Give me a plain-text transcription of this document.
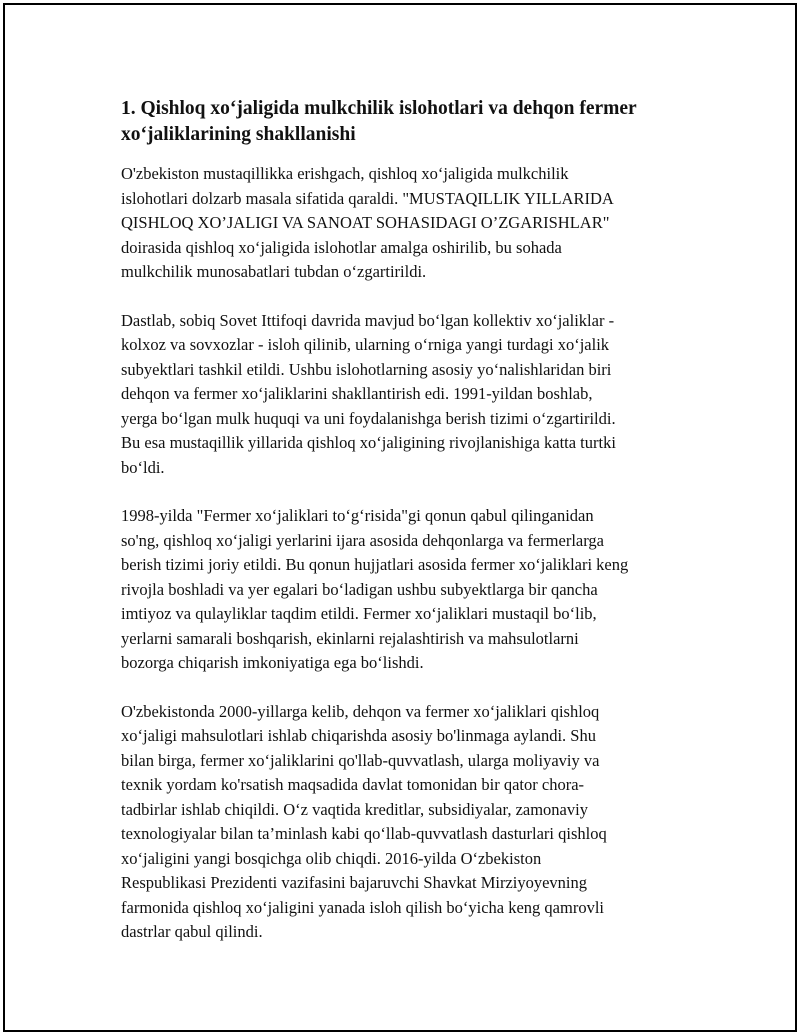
1. Qishloq xo‘jaligida mulkchilik islohotlari va dehqon fermer
xo‘jaliklarining shakllanishi
O'zbekiston mustaqillikka erishgach, qishloq xo‘jaligida mulkchilik
islohotlari dolzarb masala sifatida qaraldi. "MUSTAQILLIK YILLARIDA
QISHLOQ XO’JALIGI VA SANOAT SOHASIDAGI O’ZGARISHLAR"
doirasida qishloq xo‘jaligida islohotlar amalga oshirilib, bu sohada
mulkchilik munosabatlari tubdan o‘zgartirildi.
Dastlab, sobiq Sovet Ittifoqi davrida mavjud bo‘lgan kollektiv xo‘jaliklar -
kolxoz va sovxozlar - isloh qilinib, ularning o‘rniga yangi turdagi xo‘jalik
subyektlari tashkil etildi. Ushbu islohotlarning asosiy yo‘nalishlaridan biri
dehqon va fermer xo‘jaliklarini shakllantirish edi. 1991-yildan boshlab,
yerga bo‘lgan mulk huquqi va uni foydalanishga berish tizimi o‘zgartirildi.
Bu esa mustaqillik yillarida qishloq xo‘jaligining rivojlanishiga katta turtki
bo‘ldi.
1998-yilda "Fermer xo‘jaliklari to‘g‘risida"gi qonun qabul qilinganidan
so'ng, qishloq xo‘jaligi yerlarini ijara asosida dehqonlarga va fermerlarga
berish tizimi joriy etildi. Bu qonun hujjatlari asosida fermer xo‘jaliklari keng
rivojla boshladi va yer egalari bo‘ladigan ushbu subyektlarga bir qancha
imtiyoz va qulayliklar taqdim etildi. Fermer xo‘jaliklari mustaqil bo‘lib,
yerlarni samarali boshqarish, ekinlarni rejalashtirish va mahsulotlarni
bozorga chiqarish imkoniyatiga ega bo‘lishdi.
O'zbekistonda 2000-yillarga kelib, dehqon va fermer xo‘jaliklari qishloq
xo‘jaligi mahsulotlari ishlab chiqarishda asosiy bo'linmaga aylandi. Shu
bilan birga, fermer xo‘jaliklarini qo'llab-quvvatlash, ularga moliyaviy va
texnik yordam ko'rsatish maqsadida davlat tomonidan bir qator chora-
tadbirlar ishlab chiqildi. O‘z vaqtida kreditlar, subsidiyalar, zamonaviy
texnologiyalar bilan ta’minlash kabi qo‘llab-quvvatlash dasturlari qishloq
xo‘jaligini yangi bosqichga olib chiqdi. 2016-yilda O‘zbekiston
Respublikasi Prezidenti vazifasini bajaruvchi Shavkat Mirziyoyevning
farmonida qishloq xo‘jaligini yanada isloh qilish bo‘yicha keng qamrovli
dastrlar qabul qilindi.
